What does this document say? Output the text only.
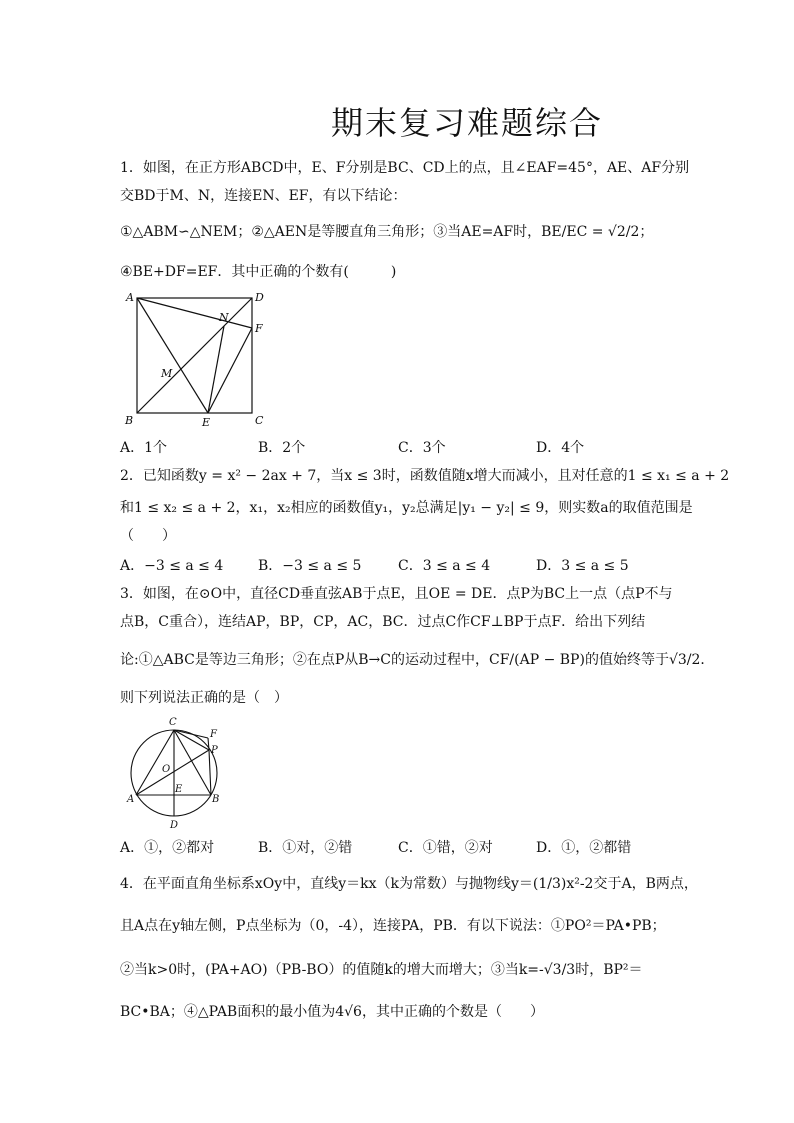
期末复习难题综合
1．如图，在正方形ABCD中，E、F分别是BC、CD上的点，且∠EAF=45°，AE、AF分别
交BD于M、N，连接EN、EF，有以下结论：
①△ABM∽△NEM；②△AEN是等腰直角三角形；③当AE=AF时，BE/EC = √2/2；
④BE+DF=EF．其中正确的个数有(　　　)
A	D
N
F
M
B	E	C
A．1个	B．2个	C．3个	D．4个
2．已知函数y = x² − 2ax + 7，当x ≤ 3时，函数值随x增大而减小，且对任意的1 ≤ x₁ ≤ a + 2
和1 ≤ x₂ ≤ a + 2，x₁，x₂相应的函数值y₁，y₂总满足|y₁ − y₂| ≤ 9，则实数a的取值范围是
（　　）
A．−3 ≤ a ≤ 4 B．−3 ≤ a ≤ 5	C．3 ≤ a ≤ 4	D．3 ≤ a ≤ 5
3．如图，在⊙O中，直径CD垂直弦AB于点E，且OE = DE．点P为BC上一点（点P不与
点B，C重合），连结AP，BP，CP，AC，BC．过点C作CF⊥BP于点F．给出下列结
论:①△ABC是等边三角形；②在点P从B→C的运动过程中，CF/(AP − BP)的值始终等于√3/2．
则下列说法正确的是（　）
C
F
P
O
A
E
B
D
A．①，②都对	B．①对，②错	C．①错，②对	D．①，②都错
4．在平面直角坐标系xOy中，直线y＝kx（k为常数）与抛物线y＝(1/3)x²-2交于A，B两点，
且A点在y轴左侧，P点坐标为（0，-4），连接PA，PB．有以下说法：①PO²＝PA•PB；
②当k>0时，(PA+AO)（PB-BO）的值随k的增大而增大；③当k=-√3/3时，BP²＝
BC•BA；④△PAB面积的最小值为4√6，其中正确的个数是（　　）
